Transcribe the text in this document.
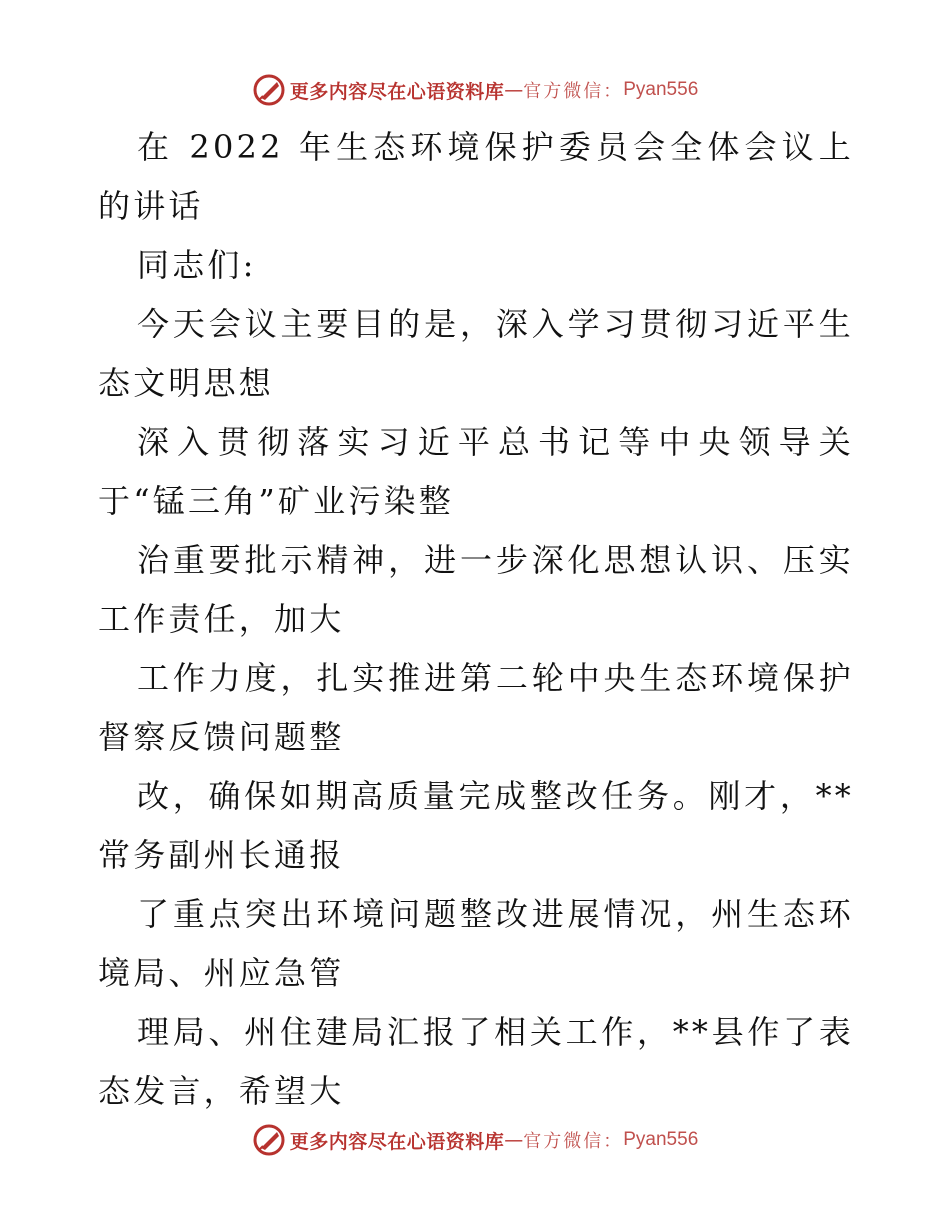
更多内容尽在心语资料库 — 官方微信： Pyan556

在 2022 年生态环境保护委员会全体会议上的讲话

同志们:

今天会议主要目的是，深入学习贯彻习近平生态文明思想

深入贯彻落实习近平总书记等中央领导关于“锰三角”矿业污染整

治重要批示精神，进一步深化思想认识、压实工作责任，加大

工作力度，扎实推进第二轮中央生态环境保护督察反馈问题整

改，确保如期高质量完成整改任务。刚才，**常务副州长通报

了重点突出环境问题整改进展情况，州生态环境局、州应急管

理局、州住建局汇报了相关工作，**县作了表态发言，希望大

更多内容尽在心语资料库 — 官方微信： Pyan556
